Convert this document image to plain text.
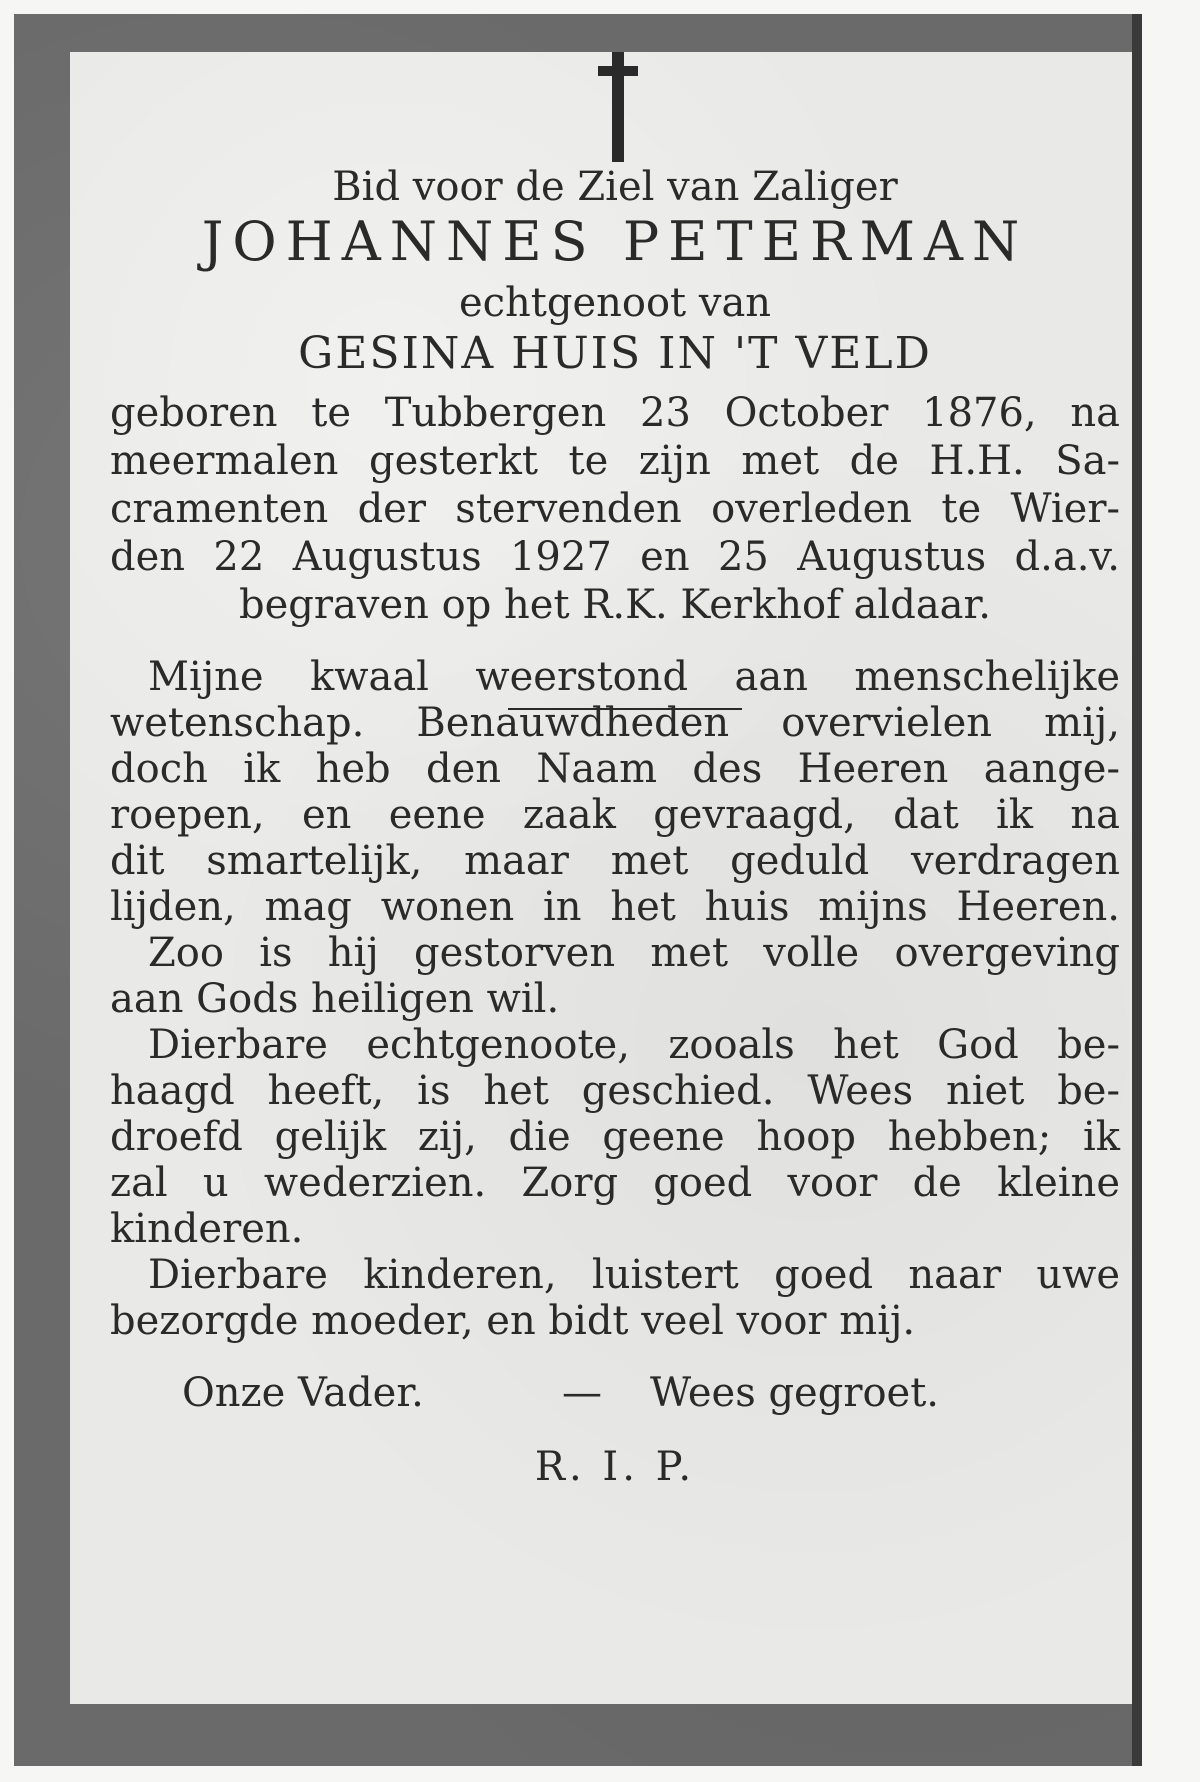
Bid voor de Ziel van Zaliger
JOHANNES PETERMAN
echtgenoot van
GESINA HUIS IN 'T VELD
geboren te Tubbergen 23 October 1876, na
meermalen gesterkt te zijn met de H.H. Sa-
cramenten der stervenden overleden te Wier-
den 22 Augustus 1927 en 25 Augustus d.a.v.
begraven op het R.K. Kerkhof aldaar.
Mijne kwaal weerstond aan menschelijke
wetenschap. Benauwdheden overvielen mij,
doch ik heb den Naam des Heeren aange-
roepen, en eene zaak gevraagd, dat ik na
dit smartelijk, maar met geduld verdragen
lijden, mag wonen in het huis mijns Heeren.
Zoo is hij gestorven met volle overgeving
aan Gods heiligen wil.
Dierbare echtgenoote, zooals het God be-
haagd heeft, is het geschied. Wees niet be-
droefd gelijk zij, die geene hoop hebben; ik
zal u wederzien. Zorg goed voor de kleine
kinderen.
Dierbare kinderen, luistert goed naar uwe
bezorgde moeder, en bidt veel voor mij.
Onze Vader.	— Wees gegroet.
R. I. P.
